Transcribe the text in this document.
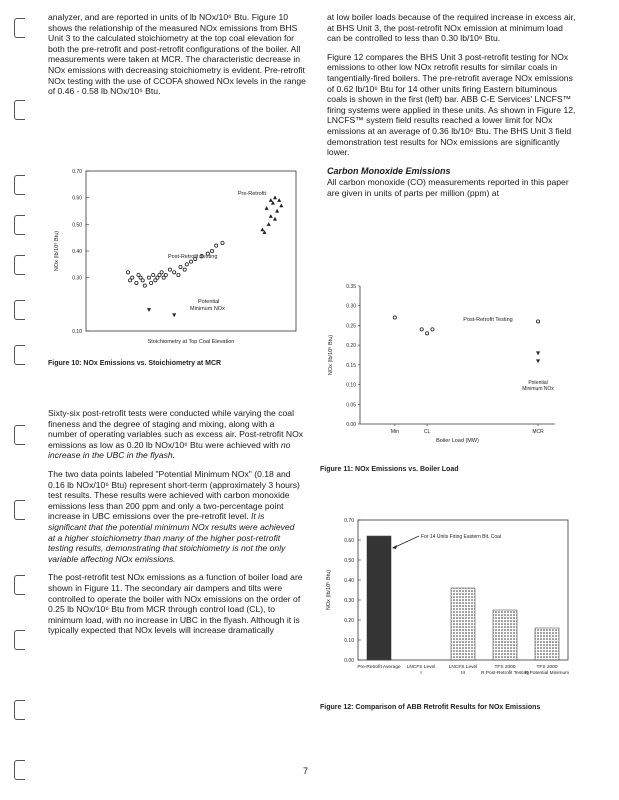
analyzer, and are reported in units of lb NOx/10⁶ Btu. Figure 10 shows the relationship of the measured NOx emissions from BHS Unit 3 to the calculated stoichiometry at the top coal elevation for both the pre-retrofit and post-retrofit configurations of the boiler. All measurements were taken at MCR. The characteristic decrease in NOx emissions with decreasing stoichiometry is evident. Pre-retrofit NOx testing with the use of CCOFA showed NOx levels in the range of 0.46 - 0.58 lb NOx/10⁶ Btu.

0.70
0.60
0.50
0.40
0.30
0.10
NOx (lb/10⁶ Btu)
Stoichiometry at Top Coal Elevation
Pre-Retrofit
Post-Retrofit Testing
Potential
Minimum NOx
Figure 10: NOx Emissions vs. Stoichiometry at MCR

Sixty-six post-retrofit tests were conducted while varying the coal fineness and the degree of staging and mixing, along with a number of operating variables such as excess air. Post-retrofit NOx emissions as low as 0.20 lb NOx/10⁶ Btu were achieved with no increase in the UBC in the flyash.

The two data points labeled "Potential Minimum NOx" (0.18 and 0.16 lb NOx/10⁶ Btu) represent short-term (approximately 3 hours) test results. These results were achieved with carbon monoxide emissions less than 200 ppm and only a two-percentage point increase in UBC emissions over the pre-retrofit level. It is significant that the potential minimum NOx results were achieved at a higher stoichiometry than many of the higher post-retrofit testing results, demonstrating that stoichiometry is not the only variable affecting NOx emissions.

The post-retrofit test NOx emissions as a function of boiler load are shown in Figure 11. The secondary air dampers and tilts were controlled to operate the boiler with NOx emissions on the order of 0.25 lb NOx/10⁶ Btu from MCR through control load (CL), to minimum load, with no increase in UBC in the flyash. Although it is typically expected that NOx levels will increase dramatically

at low boiler loads because of the required increase in excess air, at BHS Unit 3, the post-retrofit NOx emission at minimum load can be controlled to less than 0.30 lb/10⁶ Btu.

Figure 12 compares the BHS Unit 3 post-retrofit testing for NOx emissions to other low NOx retrofit results for similar coals in tangentially-fired boilers. The pre-retrofit average NOx emissions of 0.62 lb/10⁶ Btu for 14 other units firing Eastern bituminous coals is shown in the first (left) bar. ABB C-E Services' LNCFS™ firing systems were applied in these units. As shown in Figure 12, LNCFS™ system field results reached a lower limit for NOx emissions at an average of 0.36 lb/10⁶ Btu. The BHS Unit 3 field demonstration test results for NOx emissions are significantly lower.

Carbon Monoxide Emissions

All carbon monoxide (CO) measurements reported in this paper are given in units of parts per million (ppm) at

0.35
0.30
0.25
0.20
0.15
0.10
0.05
0.00
Min	CL	MCR
NOx (lb/10⁶ Btu)
Boiler Load (MW)
Post-Retrofit Testing
Potential
Minimum NOx
Figure 11: NOx Emissions vs. Boiler Load
0.70
0.60
0.50
0.40
0.30
0.20
0.10
0.00
NOx (lb/10⁶ Btu)
Pre-Retrofit Average LNCFS Level
I
LNCFS Level
III
TFS 2000
R Post-Retrofit Testing
TFS 2000
R Potential Minimum
For 14 Units Firing Eastern Bit. Coal
Figure 12: Comparison of ABB Retrofit Results for NOx Emissions
7
